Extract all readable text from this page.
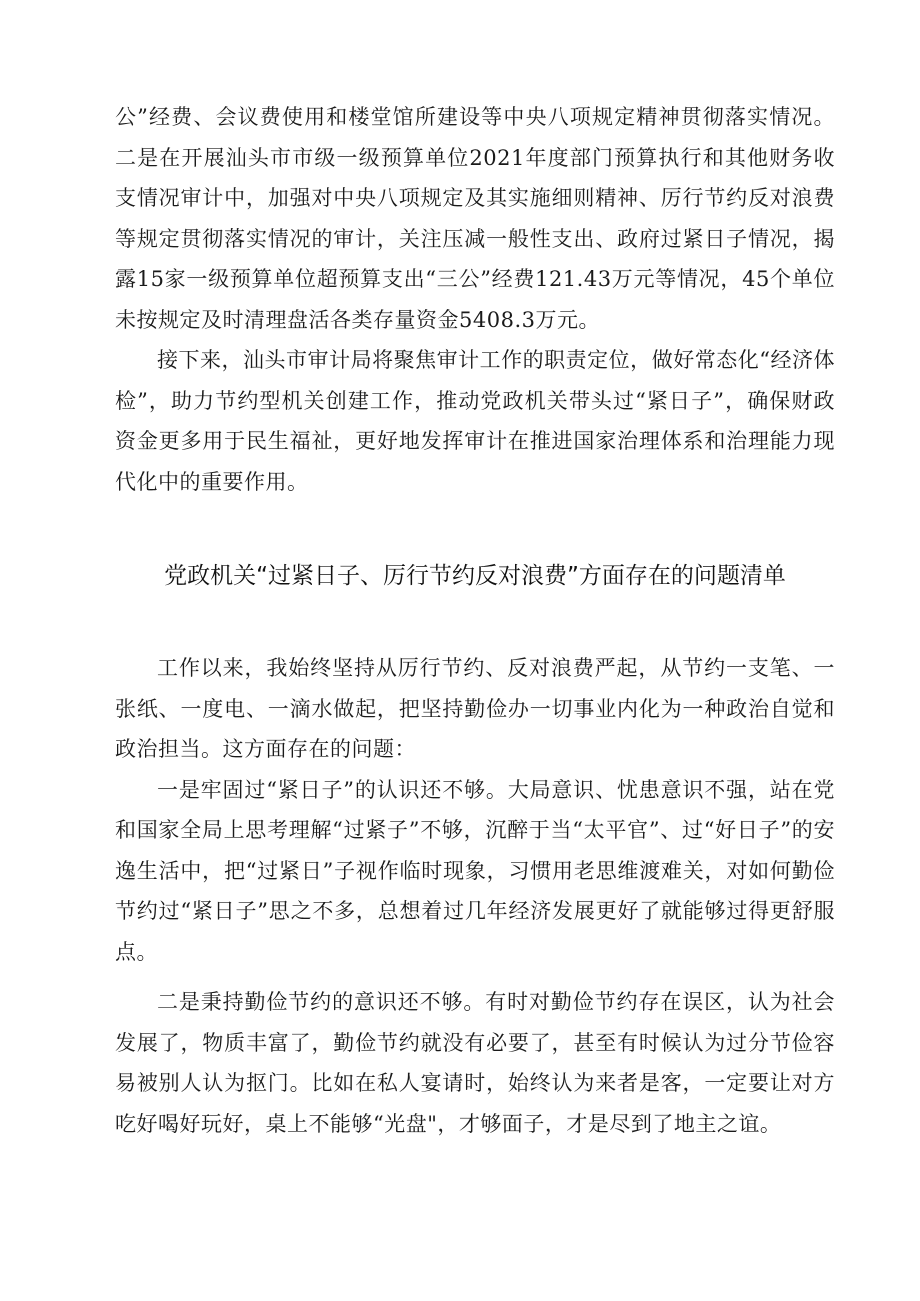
公”经费、会议费使用和楼堂馆所建设等中央八项规定精神贯彻落实情况。二是在开展汕头市市级一级预算单位2021年度部门预算执行和其他财务收支情况审计中，加强对中央八项规定及其实施细则精神、厉行节约反对浪费等规定贯彻落实情况的审计，关注压减一般性支出、政府过紧日子情况，揭露15家一级预算单位超预算支出“三公”经费121.43万元等情况，45个单位未按规定及时清理盘活各类存量资金5408.3万元。

接下来，汕头市审计局将聚焦审计工作的职责定位，做好常态化“经济体检”，助力节约型机关创建工作，推动党政机关带头过“紧日子”，确保财政资金更多用于民生福祉，更好地发挥审计在推进国家治理体系和治理能力现代化中的重要作用。

党政机关“过紧日子、厉行节约反对浪费”方面存在的问题清单

工作以来，我始终坚持从厉行节约、反对浪费严起，从节约一支笔、一张纸、一度电、一滴水做起，把坚持勤俭办一切事业内化为一种政治自觉和政治担当。这方面存在的问题：

一是牢固过“紧日子”的认识还不够。大局意识、忧患意识不强，站在党和国家全局上思考理解“过紧子”不够，沉醉于当“太平官”、过“好日子”的安逸生活中，把“过紧日”子视作临时现象，习惯用老思维渡难关，对如何勤俭节约过“紧日子”思之不多，总想着过几年经济发展更好了就能够过得更舒服点。

二是秉持勤俭节约的意识还不够。有时对勤俭节约存在误区，认为社会发展了，物质丰富了，勤俭节约就没有必要了，甚至有时候认为过分节俭容易被别人认为抠门。比如在私人宴请时，始终认为来者是客，一定要让对方吃好喝好玩好，桌上不能够“光盘"，才够面子，才是尽到了地主之谊。
